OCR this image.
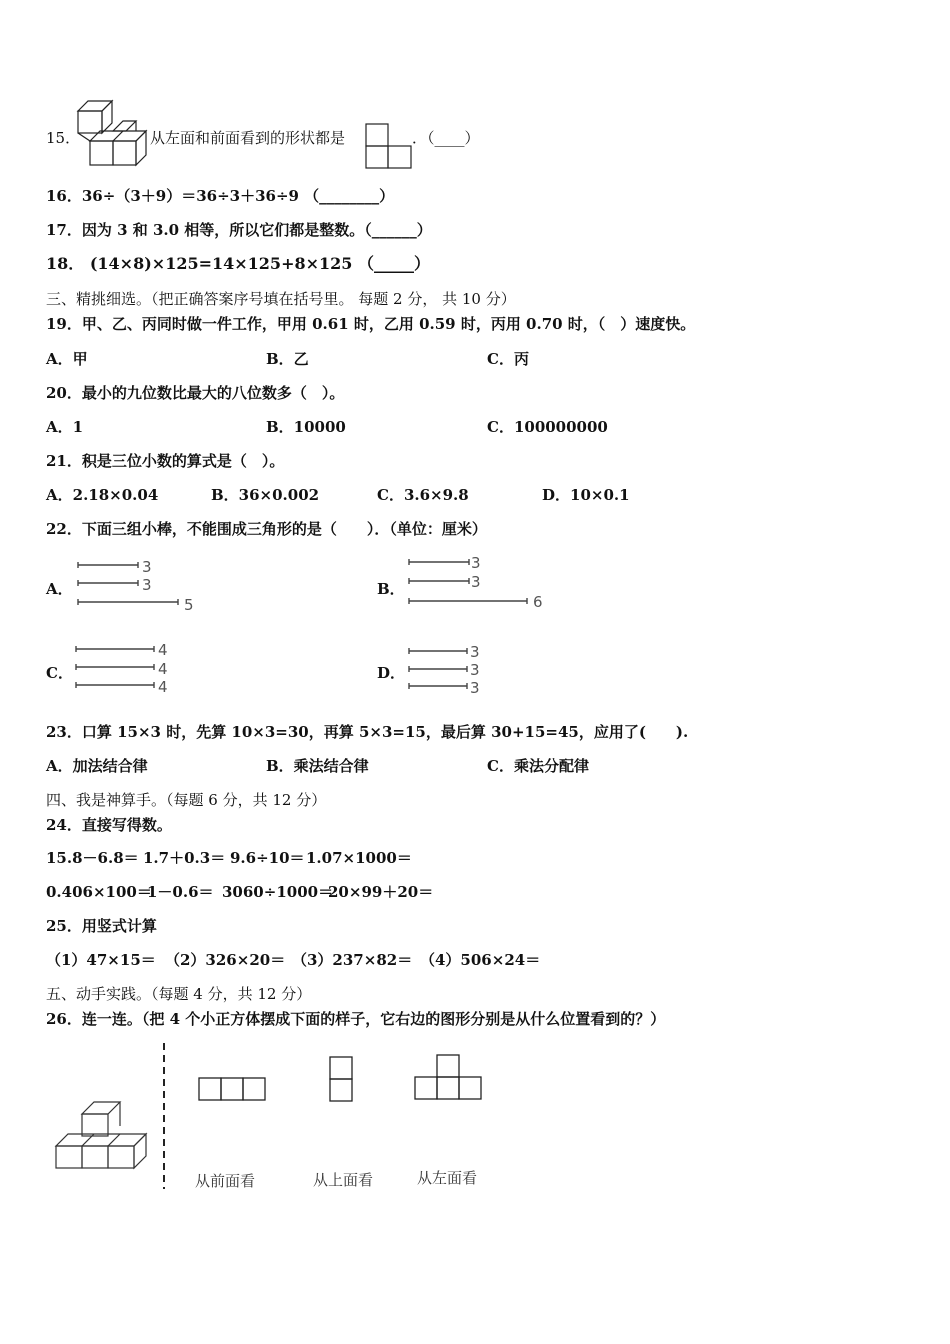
15．	从左面和前面看到的形状都是	．（____）
16．36÷（3＋9）＝36÷3＋36÷9 （________）
17．因为 3 和 3.0 相等，所以它们都是整数。（______）
18． (14×8)×125=14×125+8×125 （_____）
三、精挑细选。（把正确答案序号填在括号里。 每题 2 分， 共 10 分）
19．甲、乙、丙同时做一件工作，甲用 0.61 时，乙用 0.59 时，丙用 0.70 时，（　）速度快。
A．甲	B．乙	C．丙
20．最小的九位数比最大的八位数多（　）。
A．1	B．10000	C．100000000
21．积是三位小数的算式是（　）。
A．2.18×0.04	B．36×0.002	C．3.6×9.8	D．10×0.1
22．下面三组小棒，不能围成三角形的是（　　）．（单位：厘米）
A．
3
3
5
B．
3
3
6
C．
4
4
4
D．
3
3
3
23．口算 15×3 时，先算 10×3=30，再算 5×3=15，最后算 30+15=45，应用了(　　).
A．加法结合律	B．乘法结合律	C．乘法分配律
四、我是神算手。（每题 6 分，共 12 分）
24．直接写得数。
15.8－6.8＝ 1.7＋0.3＝ 9.6÷10＝ 1.07×1000＝
0.406×100＝
1－0.6＝ 3060÷1000＝
20×99＋20＝
25．用竖式计算
（1）47×15＝ （2）326×20＝ （3）237×82＝ （4）506×24＝
五、动手实践。（每题 4 分，共 12 分）
26．连一连。（把 4 个小正方体摆成下面的样子，它右边的图形分别是从什么位置看到的？）
从前面看	从上面看	从左面看
